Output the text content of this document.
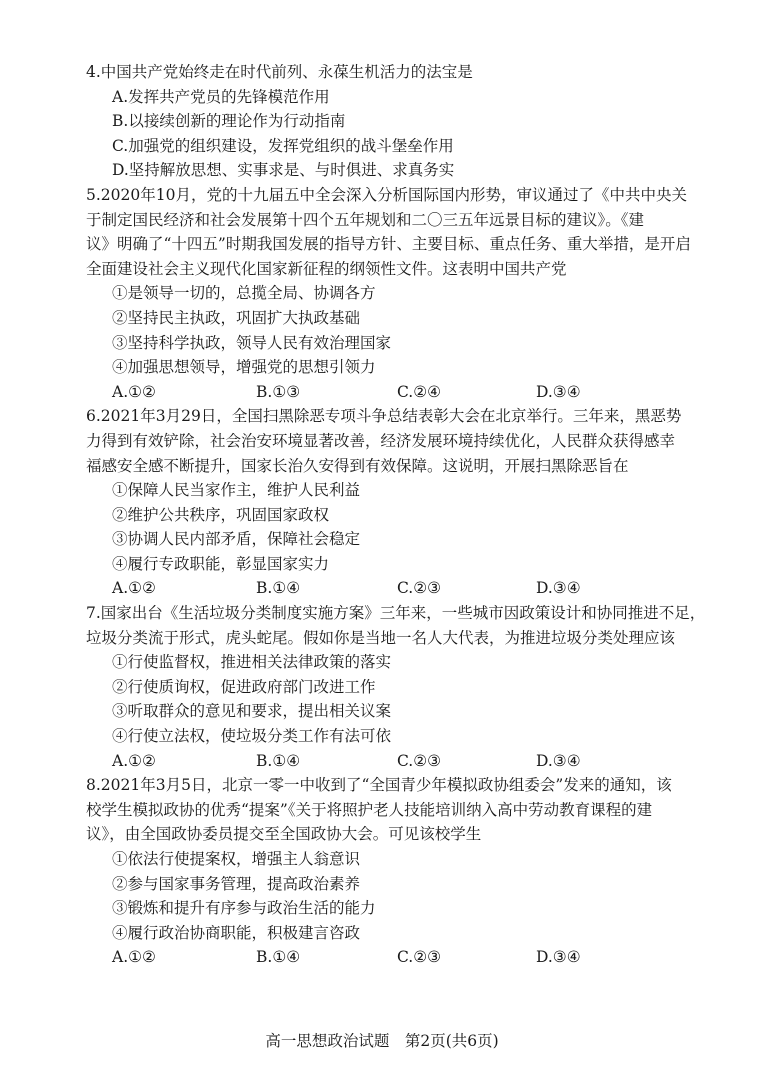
4.中国共产党始终走在时代前列、永葆生机活力的法宝是
A.发挥共产党员的先锋模范作用
B.以接续创新的理论作为行动指南
C.加强党的组织建设，发挥党组织的战斗堡垒作用
D.坚持解放思想、实事求是、与时俱进、求真务实
5.2020年10月，党的十九届五中全会深入分析国际国内形势，审议通过了《中共中央关
于制定国民经济和社会发展第十四个五年规划和二〇三五年远景目标的建议》。《建
议》明确了“十四五”时期我国发展的指导方针、主要目标、重点任务、重大举措，是开启
全面建设社会主义现代化国家新征程的纲领性文件。这表明中国共产党
①是领导一切的，总揽全局、协调各方
②坚持民主执政，巩固扩大执政基础
③坚持科学执政，领导人民有效治理国家
④加强思想领导，增强党的思想引领力
A.①②	B.①③	C.②④	D.③④
6.2021年3月29日，全国扫黑除恶专项斗争总结表彰大会在北京举行。三年来，黑恶势
力得到有效铲除，社会治安环境显著改善，经济发展环境持续优化，人民群众获得感幸
福感安全感不断提升，国家长治久安得到有效保障。这说明，开展扫黑除恶旨在
①保障人民当家作主，维护人民利益
②维护公共秩序，巩固国家政权
③协调人民内部矛盾，保障社会稳定
④履行专政职能，彰显国家实力
A.①②	B.①④	C.②③	D.③④
7.国家出台《生活垃圾分类制度实施方案》三年来，一些城市因政策设计和协同推进不足，
垃圾分类流于形式，虎头蛇尾。假如你是当地一名人大代表，为推进垃圾分类处理应该
①行使监督权，推进相关法律政策的落实
②行使质询权，促进政府部门改进工作
③听取群众的意见和要求，提出相关议案
④行使立法权，使垃圾分类工作有法可依
A.①②	B.①④	C.②③	D.③④
8.2021年3月5日，北京一零一中收到了“全国青少年模拟政协组委会”发来的通知，该
校学生模拟政协的优秀“提案”《关于将照护老人技能培训纳入高中劳动教育课程的建
议》，由全国政协委员提交至全国政协大会。可见该校学生
①依法行使提案权，增强主人翁意识
②参与国家事务管理，提高政治素养
③锻炼和提升有序参与政治生活的能力
④履行政治协商职能，积极建言咨政
A.①②	B.①④	C.②③	D.③④
高一思想政治试题　第2页(共6页)
